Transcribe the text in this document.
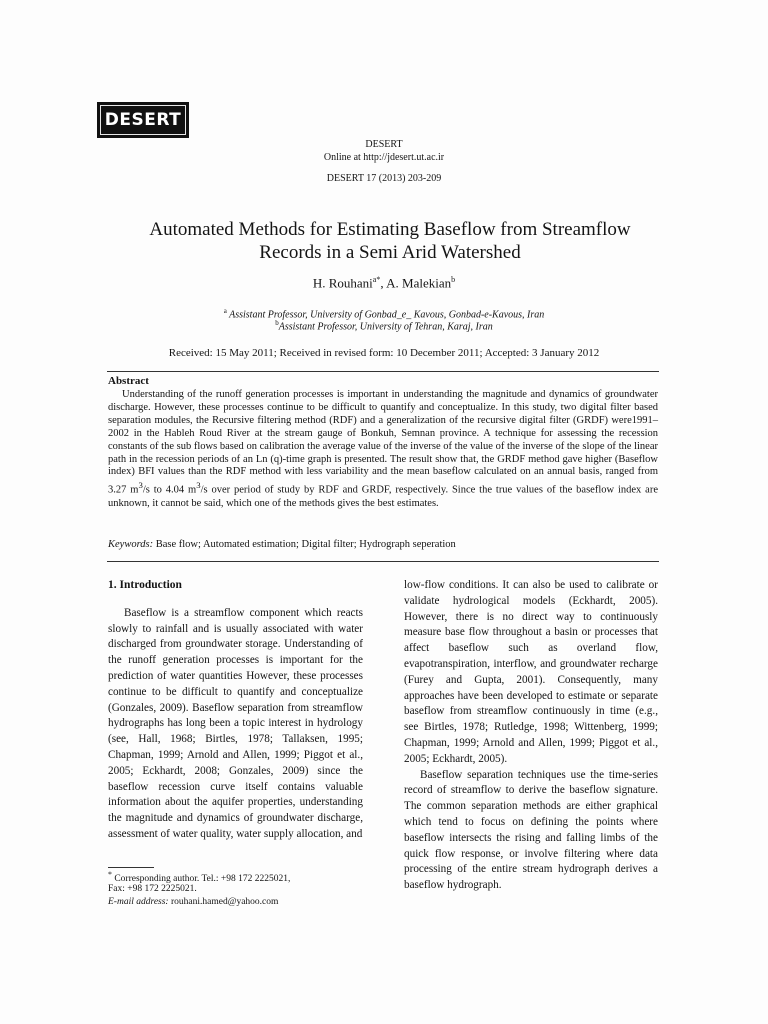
DESERT
DESERT
Online at http://jdesert.ut.ac.ir
DESERT 17 (2013) 203-209
Automated Methods for Estimating Baseflow from Streamflow
Records in a Semi Arid Watershed
H. Rouhani$^{a*}$, A. Malekian$^b$
$^a$ Assistant Professor, University of Gonbad_e_ Kavous, Gonbad-e-Kavous, Iran
$^b$Assistant Professor, University of Tehran, Karaj, Iran
Received: 15 May 2011; Received in revised form: 10 December 2011; Accepted: 3 January 2012
Abstract
Understanding of the runoff generation processes is important in understanding the magnitude and dynamics of groundwater discharge. However, these processes continue to be difficult to quantify and conceptualize. In this study, two digital filter based separation modules, the Recursive filtering method (RDF) and a generalization of the recursive digital filter (GRDF) were1991–2002 in the Hableh Roud River at the stream gauge of Bonkuh, Semnan province. A technique for assessing the recession constants of the sub flows based on calibration the average value of the inverse of the value of the inverse of the slope of the linear path in the recession periods of an Ln (q)-time graph is presented. The result show that, the GRDF method gave higher (Baseflow index) BFI values than the RDF method with less variability and the mean baseflow calculated on an annual basis, ranged from 3.27 $m^3/s$ to 4.04 $m^3/s$ over period of study by RDF and GRDF, respectively. Since the true values of the baseflow index are unknown, it cannot be said, which one of the methods gives the best estimates.
Keywords: Base flow; Automated estimation; Digital filter; Hydrograph seperation
1. Introduction

Baseflow is a streamflow component which reacts slowly to rainfall and is usually associated with water discharged from groundwater storage. Understanding of the runoff generation processes is important for the prediction of water quantities However, these processes continue to be difficult to quantify and conceptualize (Gonzales, 2009). Baseflow separation from streamflow hydrographs has long been a topic interest in hydrology (see, Hall, 1968; Birtles, 1978; Tallaksen, 1995; Chapman, 1999; Arnold and Allen, 1999; Piggot et al., 2005; Eckhardt, 2008; Gonzales, 2009) since the baseflow recession curve itself contains valuable information about the aquifer properties, understanding the magnitude and dynamics of groundwater discharge, assessment of water quality, water supply allocation, and

low-flow conditions. It can also be used to calibrate or validate hydrological models (Eckhardt, 2005). However, there is no direct way to continuously measure base flow throughout a basin or processes that affect baseflow such as overland flow, evapotranspiration, interflow, and groundwater recharge (Furey and Gupta, 2001). Consequently, many approaches have been developed to estimate or separate baseflow from streamflow continuously in time (e.g., see Birtles, 1978; Rutledge, 1998; Wittenberg, 1999; Chapman, 1999; Arnold and Allen, 1999; Piggot et al., 2005; Eckhardt, 2005).

Baseflow separation techniques use the time-series record of streamflow to derive the baseflow signature. The common separation methods are either graphical which tend to focus on defining the points where baseflow intersects the rising and falling limbs of the quick flow response, or involve filtering where data processing of the entire stream hydrograph derives a baseflow hydrograph.

* Corresponding author. Tel.: +98 172 2225021,
Fax: +98 172 2225021.
E-mail address: rouhani.hamed@yahoo.com
